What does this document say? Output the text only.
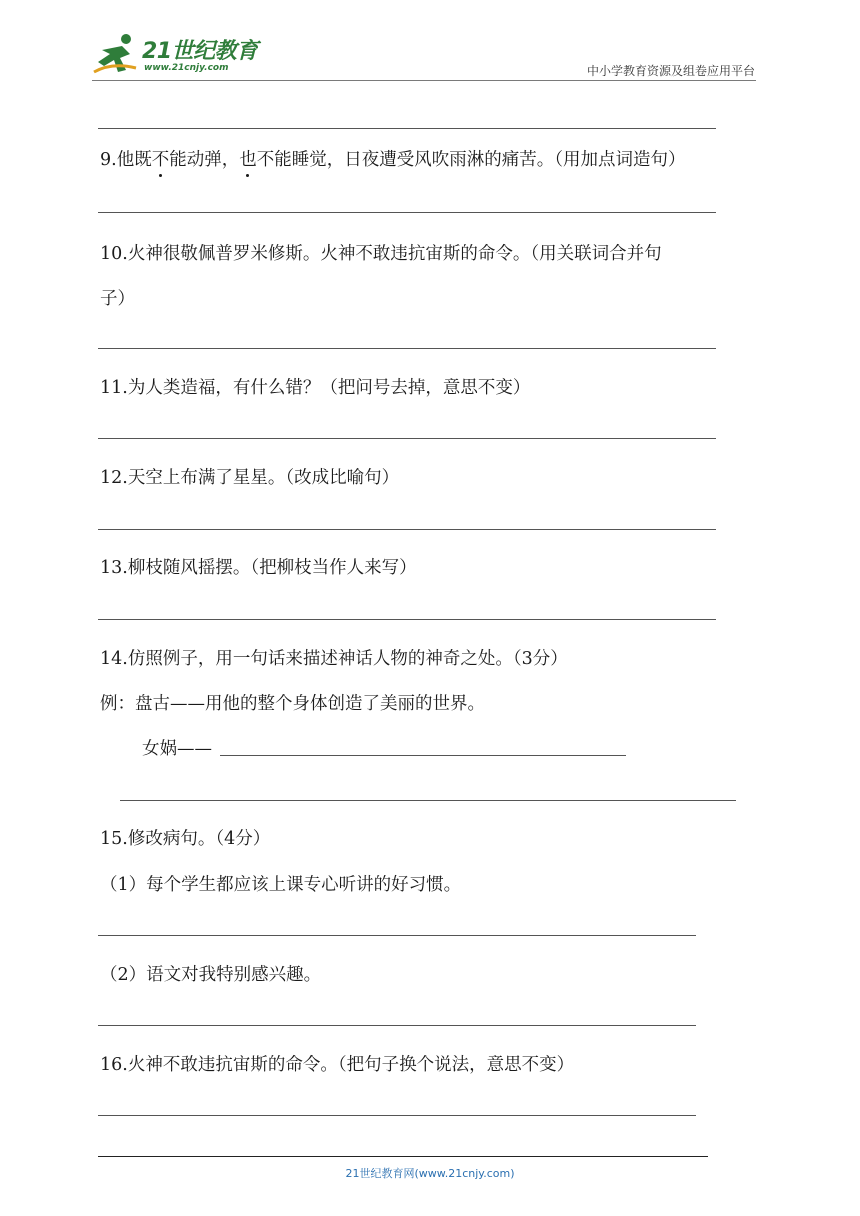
21世纪教育
www.21cnjy.com	中小学教育资源及组卷应用平台
9.他既不能动弹，也不能睡觉，日夜遭受风吹雨淋的痛苦。（用加点词造句）
10.火神很敬佩普罗米修斯。火神不敢违抗宙斯的命令。（用关联词合并句
子）
11.为人类造福，有什么错？（把问号去掉，意思不变）
12.天空上布满了星星。（改成比喻句）
13.柳枝随风摇摆。（把柳枝当作人来写）
14.仿照例子，用一句话来描述神话人物的神奇之处。（3分）
例：盘古——用他的整个身体创造了美丽的世界。
女娲——
15.修改病句。（4分）
（1）每个学生都应该上课专心听讲的好习惯。
（2）语文对我特别感兴趣。
16.火神不敢违抗宙斯的命令。（把句子换个说法，意思不变）
21世纪教育网(www.21cnjy.com)
